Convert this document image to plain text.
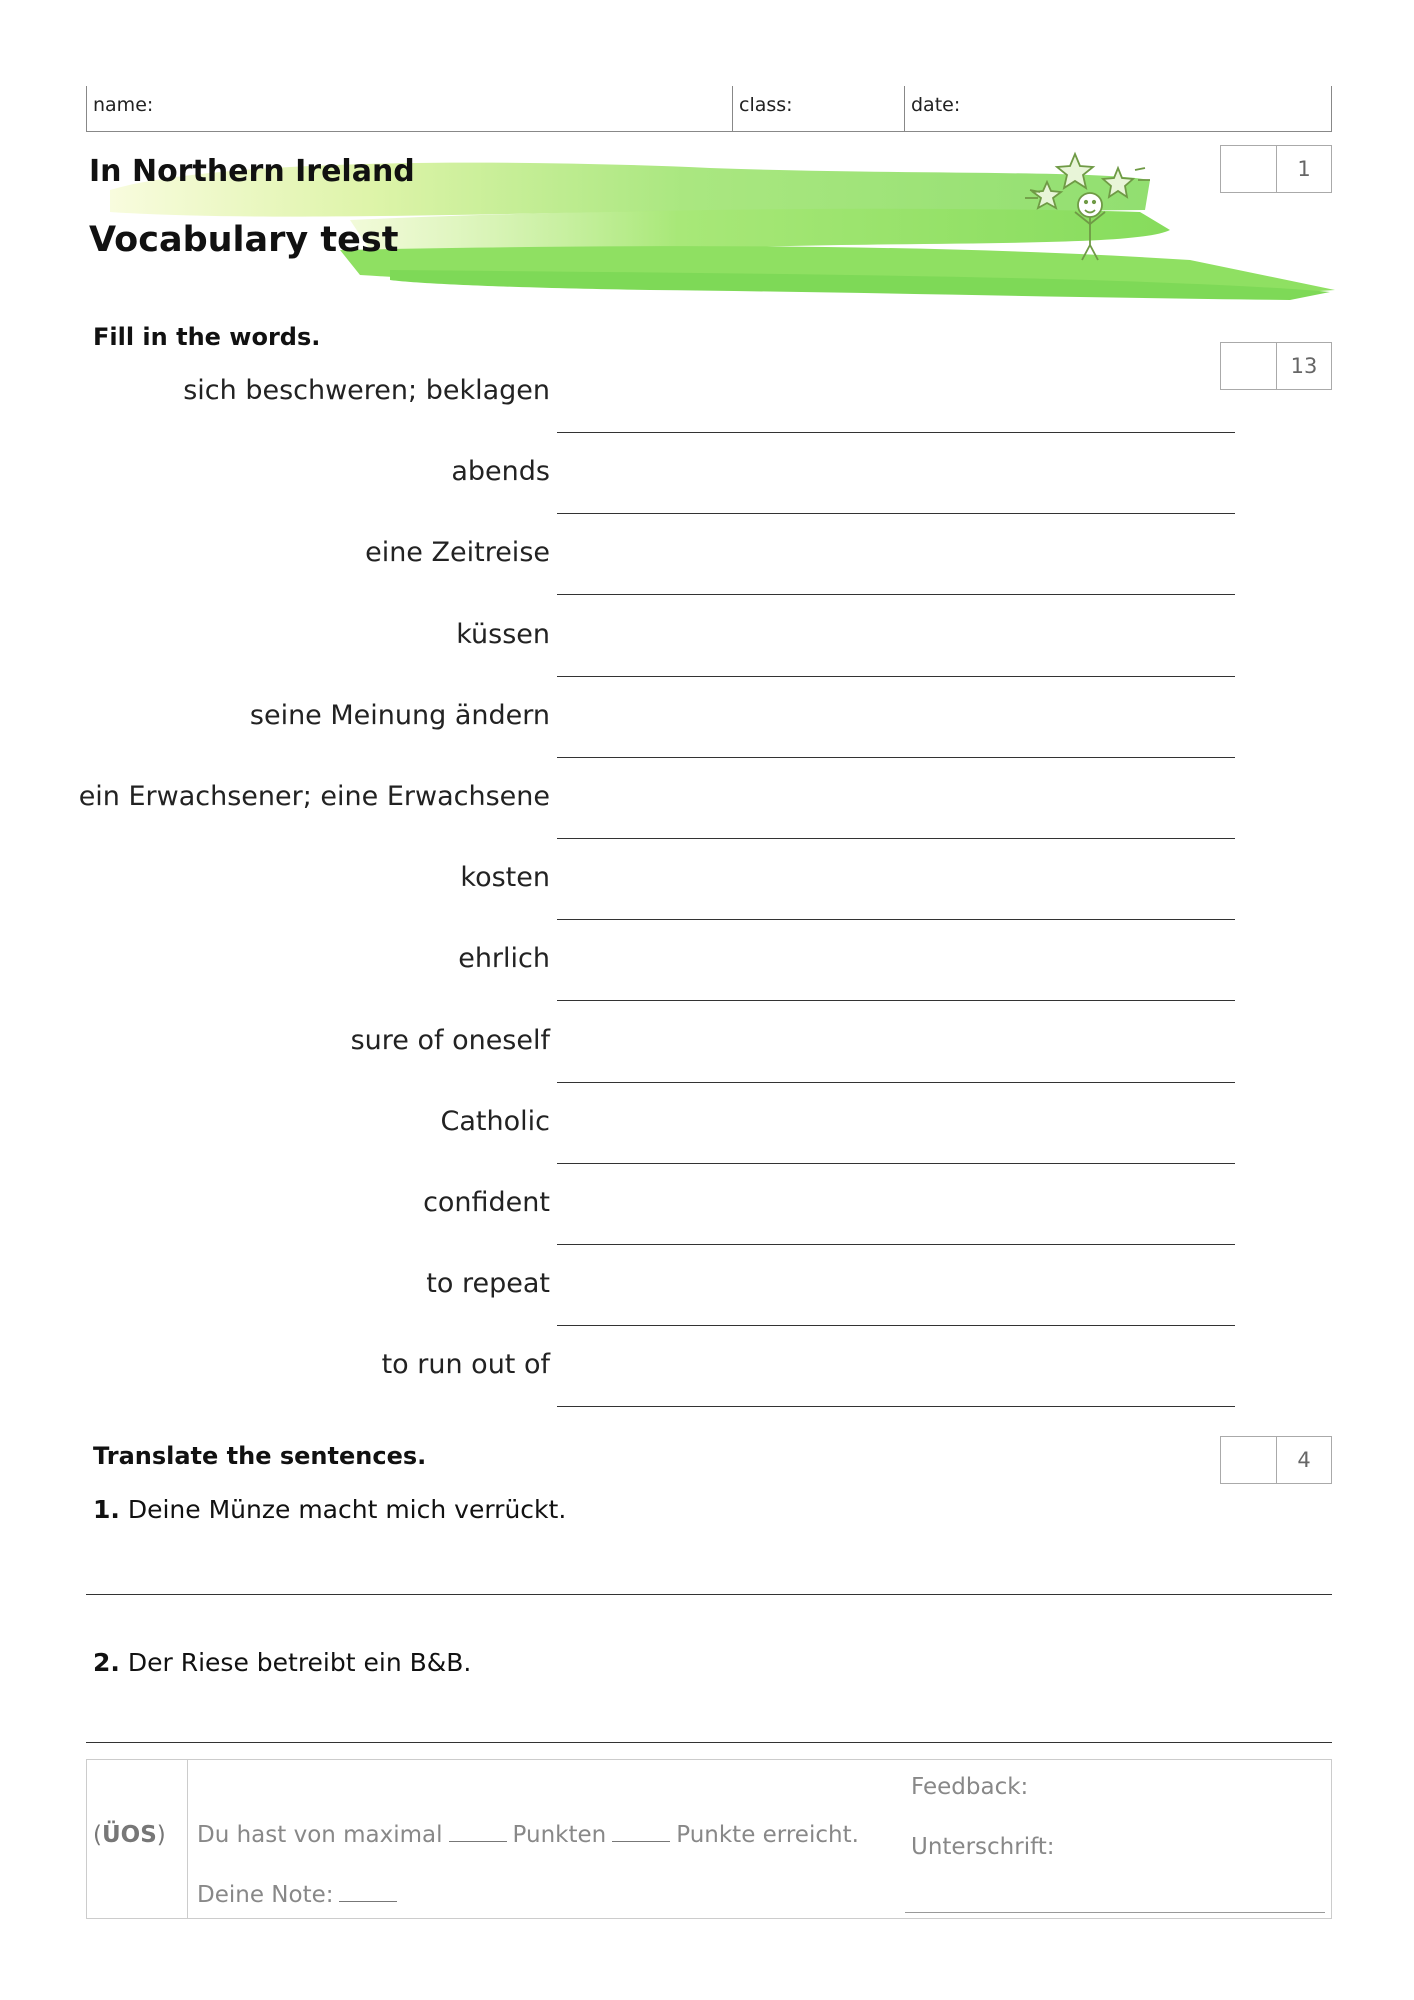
name:	class:	date:
1
In Northern Ireland
Vocabulary test
Fill in the words.
13
sich beschweren; beklagen
abends
eine Zeitreise
küssen
seine Meinung ändern
ein Erwachsener; eine Erwachsene
kosten
ehrlich
sure of oneself
Catholic
confident
to repeat
to run out of
Translate the sentences.	4
1. Deine Münze macht mich verrückt.
2. Der Riese betreibt ein B&B.
(ÜOS) Du hast von maximal	Punkten	Punkte erreicht.
Deine Note:
Feedback:
Unterschrift:
